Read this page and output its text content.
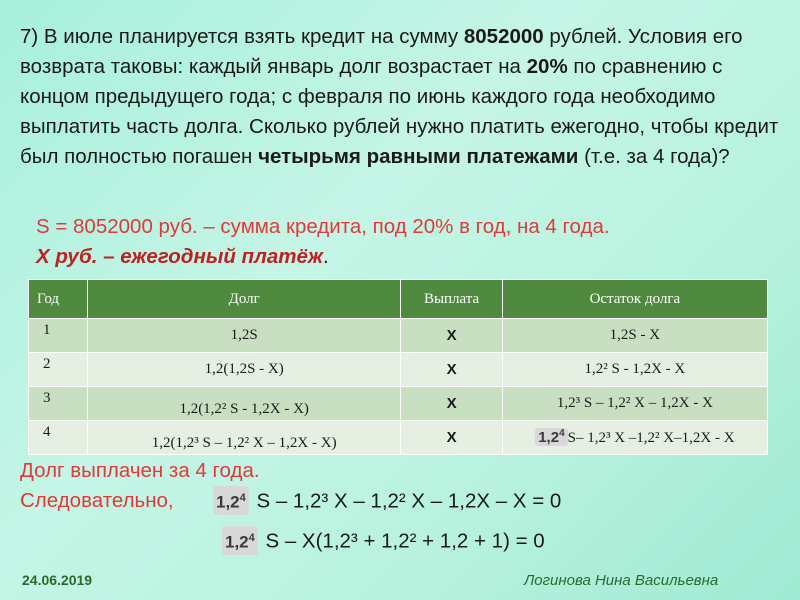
7) В июле планируется взять кредит на сумму 8052000 рублей. Условия его возврата таковы: каждый январь долг возрастает на 20% по сравнению с концом предыдущего года; с февраля по июнь каждого года необходимо выплатить часть долга. Сколько рублей нужно платить ежегодно, чтобы кредит был полностью погашен четырьмя равными платежами (т.е. за 4 года)?
S = 8052000 руб. – сумма кредита, под 20% в год, на 4 года.
X руб. – ежегодный платёж.
Год	Долг	Выплата	Остаток долга
1	1,2S	X	1,2S - X
2	1,2(1,2S - X)	X	1,2² S - 1,2X - X
3	1,2(1,2² S - 1,2X - X)	X	1,2³ S – 1,2² X – 1,2X - X
4	1,2(1,2³ S – 1,2² X – 1,2X - X)	X	$1,2^4$ S– 1,2³ X –1,2² X–1,2X - X
Долг выплачен за 4 года.
Следовательно,	$1,2^4$ S – 1,2³ X – 1,2² X – 1,2X – X = 0
$1,2^4$ S – X(1,2³ + 1,2² + 1,2 + 1) = 0
24.06.2019	Логинова Нина Васильевна
